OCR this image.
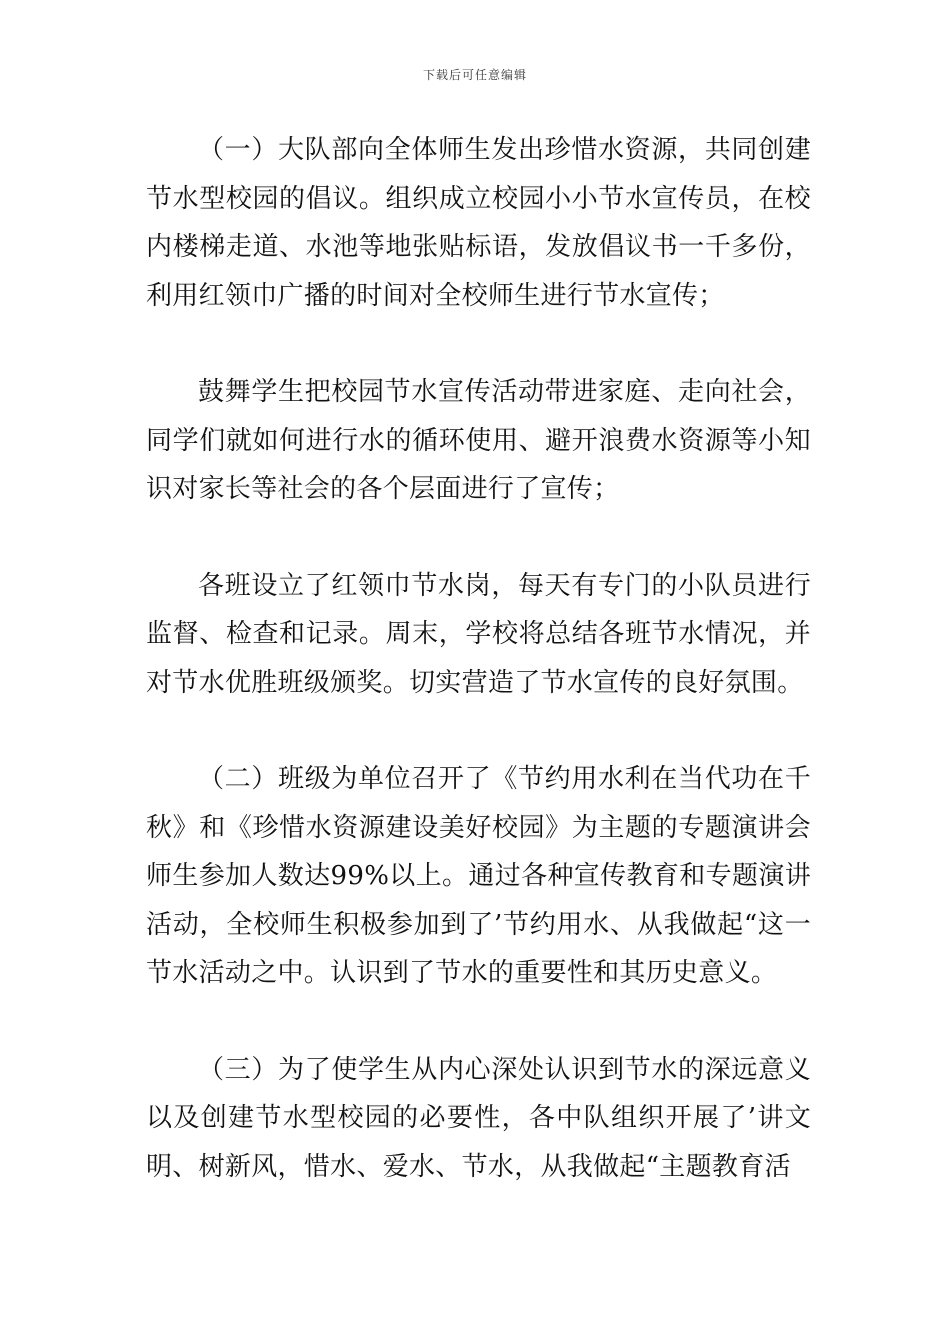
下载后可任意编辑

（一）大队部向全体师生发出珍惜水资源，共同创建节水型校园的倡议。组织成立校园小小节水宣传员，在校内楼梯走道、水池等地张贴标语，发放倡议书一千多份，利用红领巾广播的时间对全校师生进行节水宣传；

鼓舞学生把校园节水宣传活动带进家庭、走向社会，同学们就如何进行水的循环使用、避开浪费水资源等小知识对家长等社会的各个层面进行了宣传；

各班设立了红领巾节水岗，每天有专门的小队员进行监督、检查和记录。周末，学校将总结各班节水情况，并对节水优胜班级颁奖。切实营造了节水宣传的良好氛围。

（二）班级为单位召开了《节约用水利在当代功在千秋》和《珍惜水资源建设美好校园》为主题的专题演讲会师生参加人数达99%以上。通过各种宣传教育和专题演讲活动，全校师生积极参加到了’节约用水、从我做起“这一节水活动之中。认识到了节水的重要性和其历史意义。

（三）为了使学生从内心深处认识到节水的深远意义以及创建节水型校园的必要性，各中队组织开展了’讲文明、树新风，惜水、爱水、节水，从我做起“主题教育活
